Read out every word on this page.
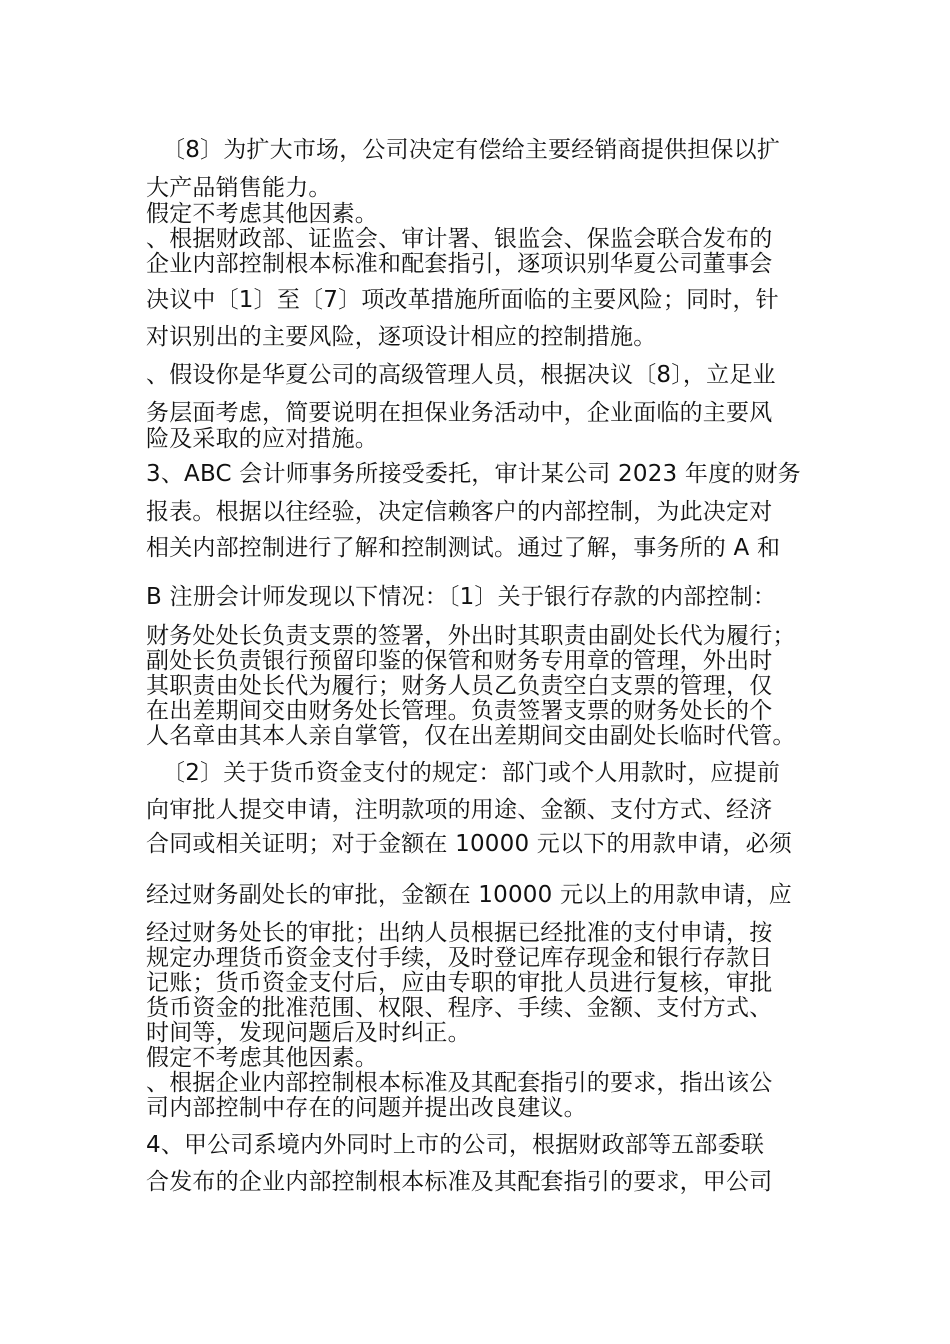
〔8〕为扩大市场，公司决定有偿给主要经销商提供担保以扩
大产品销售能力。
假定不考虑其他因素。
、根据财政部、证监会、审计署、银监会、保监会联合发布的
企业内部控制根本标准和配套指引，逐项识别华夏公司董事会
决议中〔1〕至〔7〕项改革措施所面临的主要风险；同时，针
对识别出的主要风险，逐项设计相应的控制措施。
、假设你是华夏公司的高级管理人员，根据决议〔8〕，立足业
务层面考虑，简要说明在担保业务活动中，企业面临的主要风
险及采取的应对措施。
3、ABC 会计师事务所接受委托，审计某公司 2023 年度的财务
报表。根据以往经验，决定信赖客户的内部控制，为此决定对
相关内部控制进行了解和控制测试。通过了解，事务所的 A 和
B 注册会计师发现以下情况：〔1〕关于银行存款的内部控制：
财务处处长负责支票的签署，外出时其职责由副处长代为履行；
副处长负责银行预留印鉴的保管和财务专用章的管理，外出时
其职责由处长代为履行；财务人员乙负责空白支票的管理，仅
在出差期间交由财务处长管理。负责签署支票的财务处长的个
人名章由其本人亲自掌管，仅在出差期间交由副处长临时代管。
〔2〕关于货币资金支付的规定：部门或个人用款时，应提前
向审批人提交申请，注明款项的用途、金额、支付方式、经济
合同或相关证明；对于金额在 10000 元以下的用款申请，必须
经过财务副处长的审批，金额在 10000 元以上的用款申请，应
经过财务处长的审批；出纳人员根据已经批准的支付申请，按
规定办理货币资金支付手续，及时登记库存现金和银行存款日
记账；货币资金支付后，应由专职的审批人员进行复核，审批
货币资金的批准范围、权限、程序、手续、金额、支付方式、
时间等，发现问题后及时纠正。
假定不考虑其他因素。
、根据企业内部控制根本标准及其配套指引的要求，指出该公
司内部控制中存在的问题并提出改良建议。
4、甲公司系境内外同时上市的公司，根据财政部等五部委联
合发布的企业内部控制根本标准及其配套指引的要求，甲公司
